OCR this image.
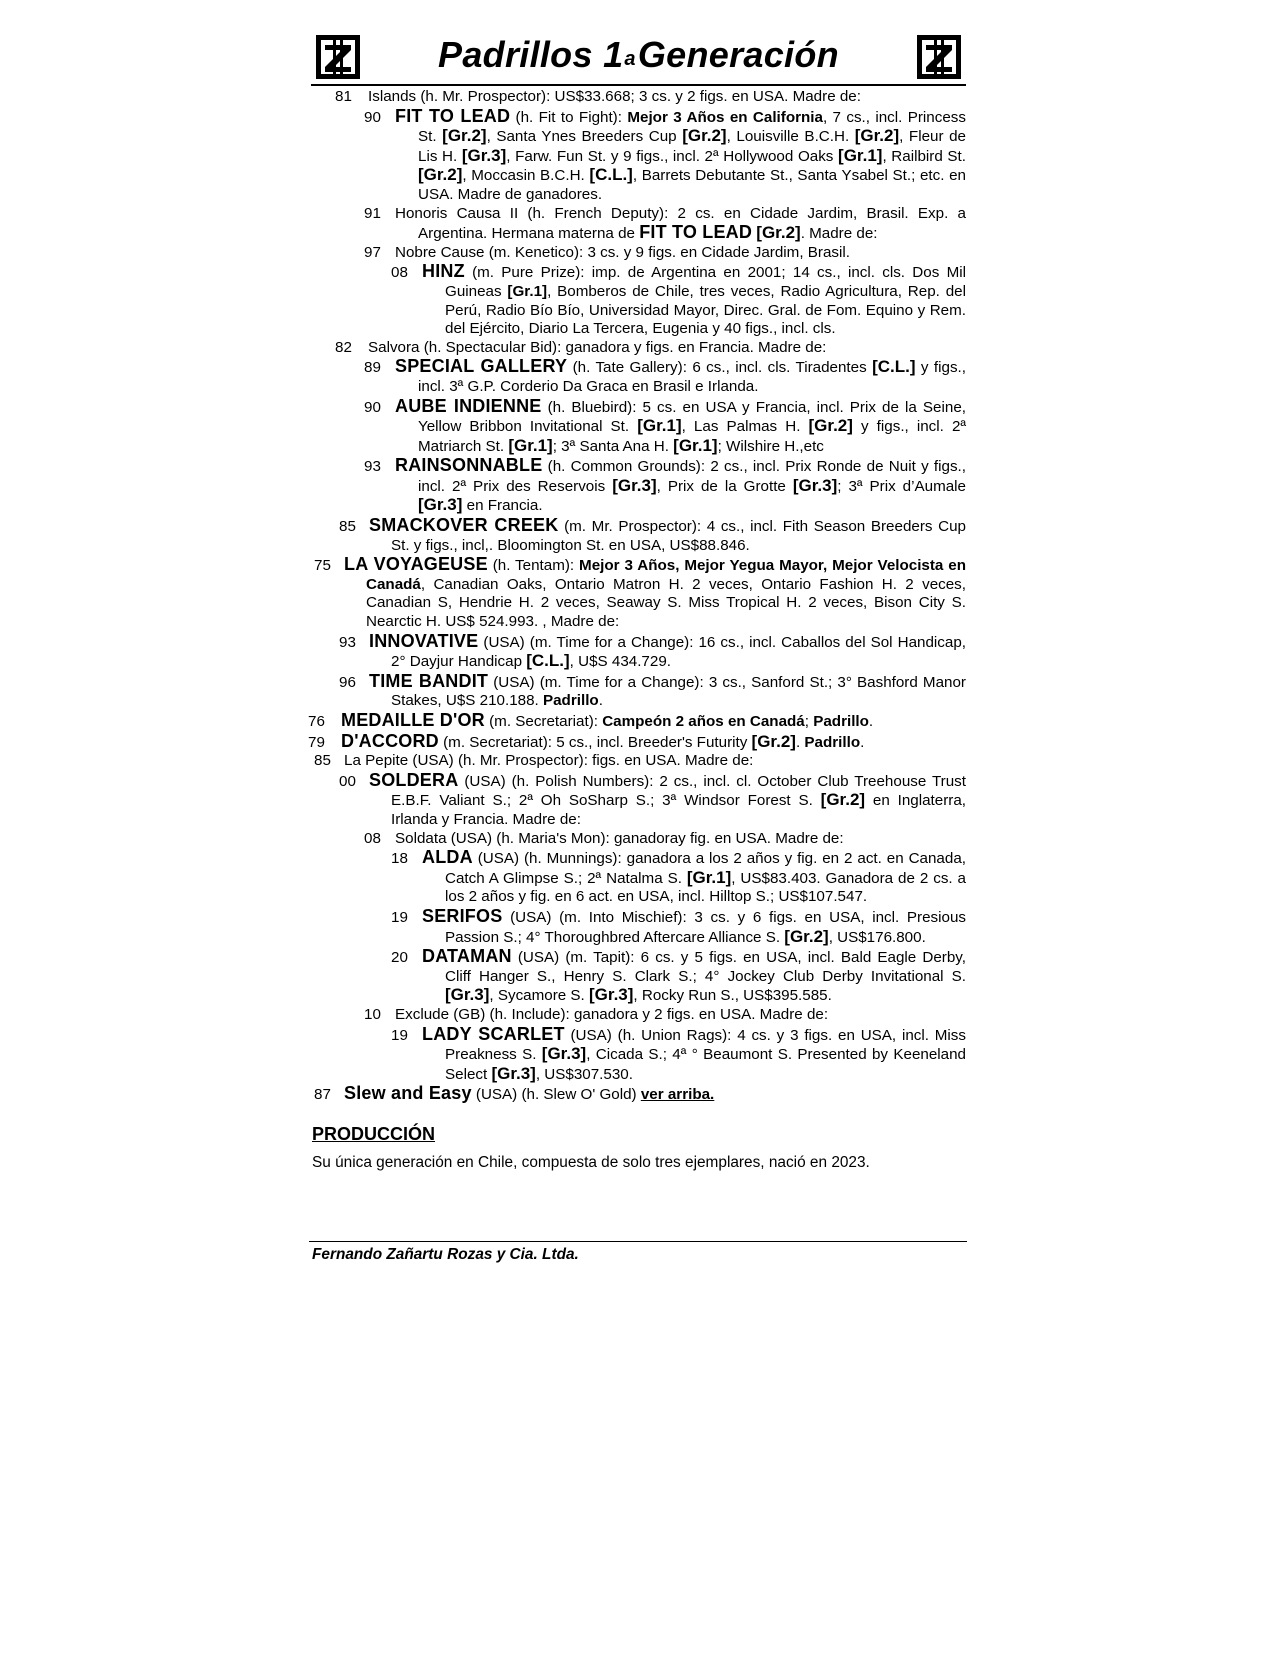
Padrillos 1$^a$Generación

81 Islands (h. Mr. Prospector): US$33.668; 3 cs. y 2 figs. en USA. Madre de:

90 FIT TO LEAD (h. Fit to Fight): Mejor 3 Años en California, 7 cs., incl. Princess St. [Gr.2], Santa Ynes Breeders Cup [Gr.2], Louisville B.C.H. [Gr.2], Fleur de Lis H. [Gr.3], Farw. Fun St. y 9 figs., incl. 2ª Hollywood Oaks [Gr.1], Railbird St. [Gr.2], Moccasin B.C.H. [C.L.], Barrets Debutante St., Santa Ysabel St.; etc. en USA. Madre de ganadores.

91 Honoris Causa II (h. French Deputy): 2 cs. en Cidade Jardim, Brasil. Exp. a Argentina. Hermana materna de FIT TO LEAD [Gr.2]. Madre de:

97 Nobre Cause (m. Kenetico): 3 cs. y 9 figs. en Cidade Jardim, Brasil.

08 HINZ (m. Pure Prize): imp. de Argentina en 2001; 14 cs., incl. cls. Dos Mil Guineas [Gr.1], Bomberos de Chile, tres veces, Radio Agricultura, Rep. del Perú, Radio Bío Bío, Universidad Mayor, Direc. Gral. de Fom. Equino y Rem. del Ejército, Diario La Tercera, Eugenia y 40 figs., incl. cls.

82 Salvora (h. Spectacular Bid): ganadora y figs. en Francia. Madre de:

89 SPECIAL GALLERY (h. Tate Gallery): 6 cs., incl. cls. Tiradentes [C.L.] y figs., incl. 3ª G.P. Corderio Da Graca en Brasil e Irlanda.

90 AUBE INDIENNE (h. Bluebird): 5 cs. en USA y Francia, incl. Prix de la Seine, Yellow Bribbon Invitational St. [Gr.1], Las Palmas H. [Gr.2] y figs., incl. 2ª Matriarch St. [Gr.1]; 3ª Santa Ana H. [Gr.1]; Wilshire H.,etc

93 RAINSONNABLE (h. Common Grounds): 2 cs., incl. Prix Ronde de Nuit y figs., incl. 2ª Prix des Reservois [Gr.3], Prix de la Grotte [Gr.3]; 3ª Prix d’Aumale [Gr.3] en Francia.

85 SMACKOVER CREEK (m. Mr. Prospector): 4 cs., incl. Fith Season Breeders Cup St. y figs., incl,. Bloomington St. en USA, US$88.846.

75 LA VOYAGEUSE (h. Tentam): Mejor 3 Años, Mejor Yegua Mayor, Mejor Velocista en Canadá, Canadian Oaks, Ontario Matron H. 2 veces, Ontario Fashion H. 2 veces, Canadian S, Hendrie H. 2 veces, Seaway S. Miss Tropical H. 2 veces, Bison City S. Nearctic H. US$ 524.993. , Madre de:

93 INNOVATIVE (USA) (m. Time for a Change): 16 cs., incl. Caballos del Sol Handicap, 2° Dayjur Handicap [C.L.], U$S 434.729.

96 TIME BANDIT (USA) (m. Time for a Change): 3 cs., Sanford St.; 3° Bashford Manor Stakes, U$S 210.188. Padrillo.

76 MEDAILLE D'OR (m. Secretariat): Campeón 2 años en Canadá; Padrillo.

79 D'ACCORD (m. Secretariat): 5 cs., incl. Breeder's Futurity [Gr.2]. Padrillo.

85 La Pepite (USA) (h. Mr. Prospector): figs. en USA. Madre de:

00 SOLDERA (USA) (h. Polish Numbers): 2 cs., incl. cl. October Club Treehouse Trust E.B.F. Valiant S.; 2ª Oh SoSharp S.; 3ª Windsor Forest S. [Gr.2] en Inglaterra, Irlanda y Francia. Madre de:

08 Soldata (USA) (h. Maria's Mon): ganadoray fig. en USA. Madre de:

18 ALDA (USA) (h. Munnings): ganadora a los 2 años y fig. en 2 act. en Canada, Catch A Glimpse S.; 2ª Natalma S. [Gr.1], US$83.403. Ganadora de 2 cs. a los 2 años y fig. en 6 act. en USA, incl. Hilltop S.; US$107.547.

19 SERIFOS (USA) (m. Into Mischief): 3 cs. y 6 figs. en USA, incl. Presious Passion S.; 4° Thoroughbred Aftercare Alliance S. [Gr.2], US$176.800.

20 DATAMAN (USA) (m. Tapit): 6 cs. y 5 figs. en USA, incl. Bald Eagle Derby, Cliff Hanger S., Henry S. Clark S.; 4° Jockey Club Derby Invitational S. [Gr.3], Sycamore S. [Gr.3], Rocky Run S., US$395.585.

10 Exclude (GB) (h. Include): ganadora y 2 figs. en USA. Madre de:

19 LADY SCARLET (USA) (h. Union Rags): 4 cs. y 3 figs. en USA, incl. Miss Preakness S. [Gr.3], Cicada S.; 4ª ° Beaumont S. Presented by Keeneland Select [Gr.3], US$307.530.

87 Slew and Easy (USA) (h. Slew O' Gold) ver arriba.

PRODUCCIÓN
Su única generación en Chile, compuesta de solo tres ejemplares, nació en 2023.
Fernando Zañartu Rozas y Cia. Ltda.
